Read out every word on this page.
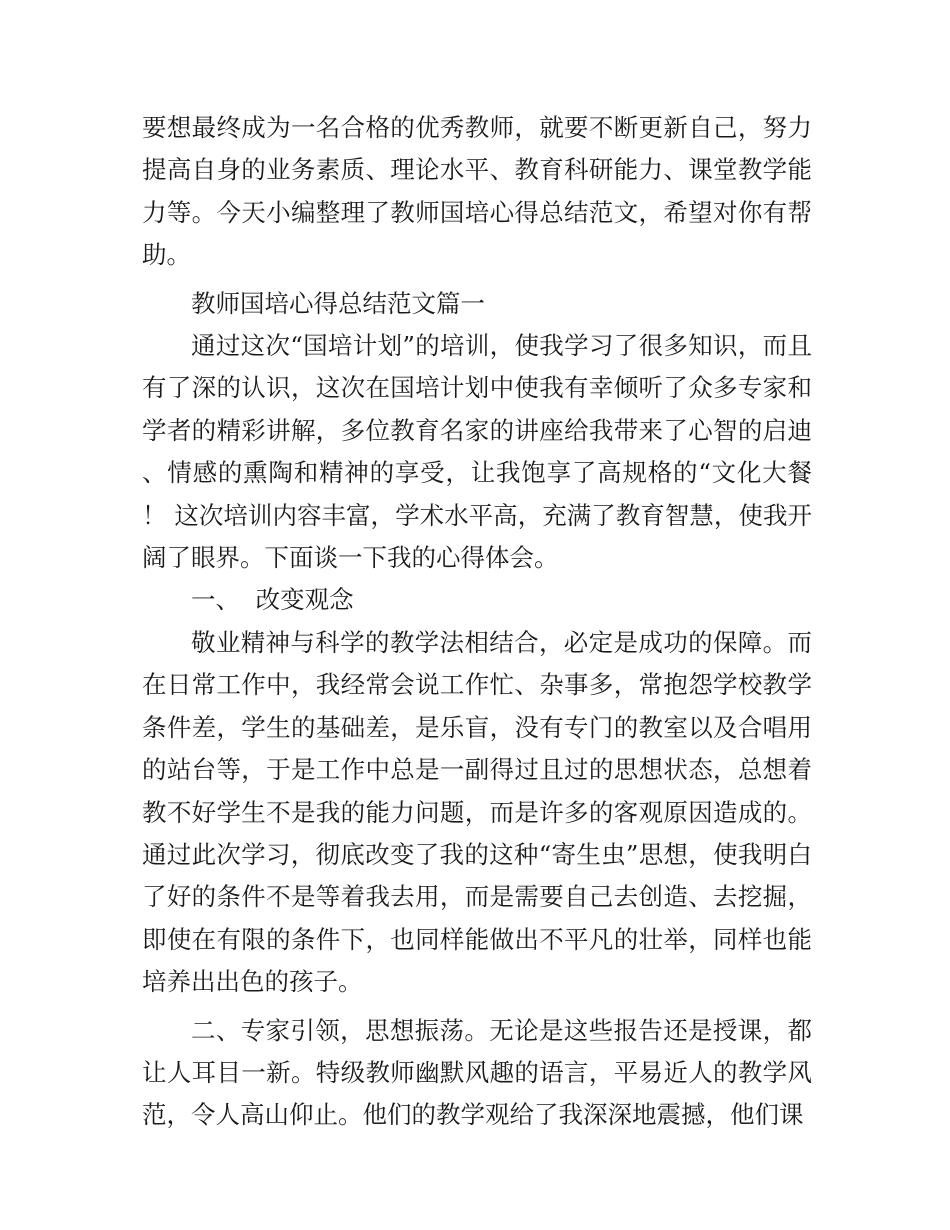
要想最终成为一名合格的优秀教师，就要不断更新自己，努力提高自身的业务素质、理论水平、教育科研能力、课堂教学能力等。今天小编整理了教师国培心得总结范文，希望对你有帮助。

教师国培心得总结范文篇一

通过这次“国培计划”的培训，使我学习了很多知识，而且有了深的认识，这次在国培计划中使我有幸倾听了众多专家和学者的精彩讲解，多位教育名家的讲座给我带来了心智的启迪、情感的熏陶和精神的享受，让我饱享了高规格的“文化大餐 ！ 这次培训内容丰富，学术水平高，充满了教育智慧，使我开阔了眼界。下面谈一下我的心得体会。

一、  改变观念

敬业精神与科学的教学法相结合，必定是成功的保障。而在日常工作中，我经常会说工作忙、杂事多，常抱怨学校教学条件差，学生的基础差，是乐盲，没有专门的教室以及合唱用的站台等，于是工作中总是一副得过且过的思想状态，总想着教不好学生不是我的能力问题，而是许多的客观原因造成的。通过此次学习，彻底改变了我的这种“寄生虫”思想，使我明白了好的条件不是等着我去用，而是需要自己去创造、去挖掘，即使在有限的条件下，也同样能做出不平凡的壮举，同样也能培养出出色的孩子。

二、专家引领，思想振荡。无论是这些报告还是授课，都让人耳目一新。特级教师幽默风趣的语言，平易近人的教学风范，令人高山仰止。他们的教学观给了我深深地震撼，他们课
